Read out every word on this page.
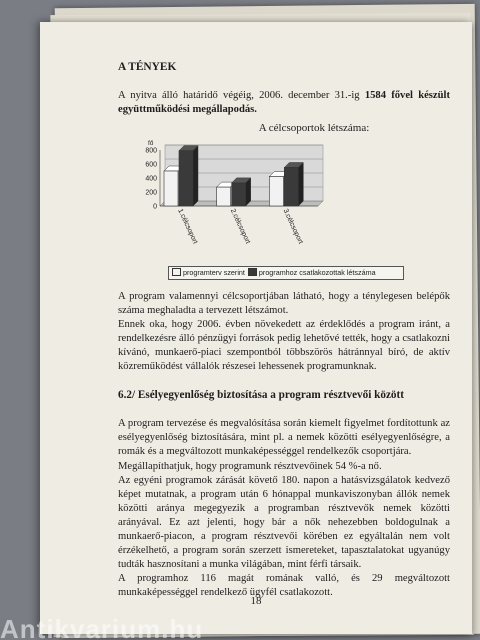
A TÉNYEK

A nyitva álló határidő végéig, 2006. december 31.-ig 1584 fővel készült együttműködési megállapodás.

A célcsoportok létszáma:
0
200
400
600
800
fő
1.célcsoport	2.célcsoport	3.célcsoport
programterv szerint programhoz csatlakozottak létszáma

A program valamennyi célcsoportjában látható, hogy a ténylegesen belépők száma meghaladta a tervezett létszámot.

Ennek oka, hogy 2006. évben növekedett az érdeklődés a program iránt, a rendelkezésre álló pénzügyi források pedig lehetővé tették, hogy a csatlakozni kívánó, munkaerő-piaci szempontból többszörös hátránnyal bíró, de aktív közreműködést vállalók részesei lehessenek programunknak.

6.2/ Esélyegyenlőség biztosítása a program résztvevői között

A program tervezése és megvalósítása során kiemelt figyelmet fordítottunk az esélyegyenlőség biztosítására, mint pl. a nemek közötti esélyegyenlőségre, a romák és a megváltozott munkaképességgel rendelkezők csoportjára.

Megállapíthatjuk, hogy programunk résztvevőinek 54 %-a nő.

Az egyéni programok zárását követő 180. napon a hatásvizsgálatok kedvező képet mutatnak, a program után 6 hónappal munkaviszonyban állók nemek közötti aránya megegyezik a programban résztvevők nemek közötti arányával. Ez azt jelenti, hogy bár a nők nehezebben boldogulnak a munkaerő-piacon, a program résztvevői körében ez egyáltalán nem volt érzékelhető, a program során szerzett ismereteket, tapasztalatokat ugyanúgy tudták hasznosítani a munka világában, mint férfi társaik.

A programhoz 116 magát romának valló, és 29 megváltozott munkaképességgel rendelkező ügyfél csatlakozott.

18
Antikvarium.hu
